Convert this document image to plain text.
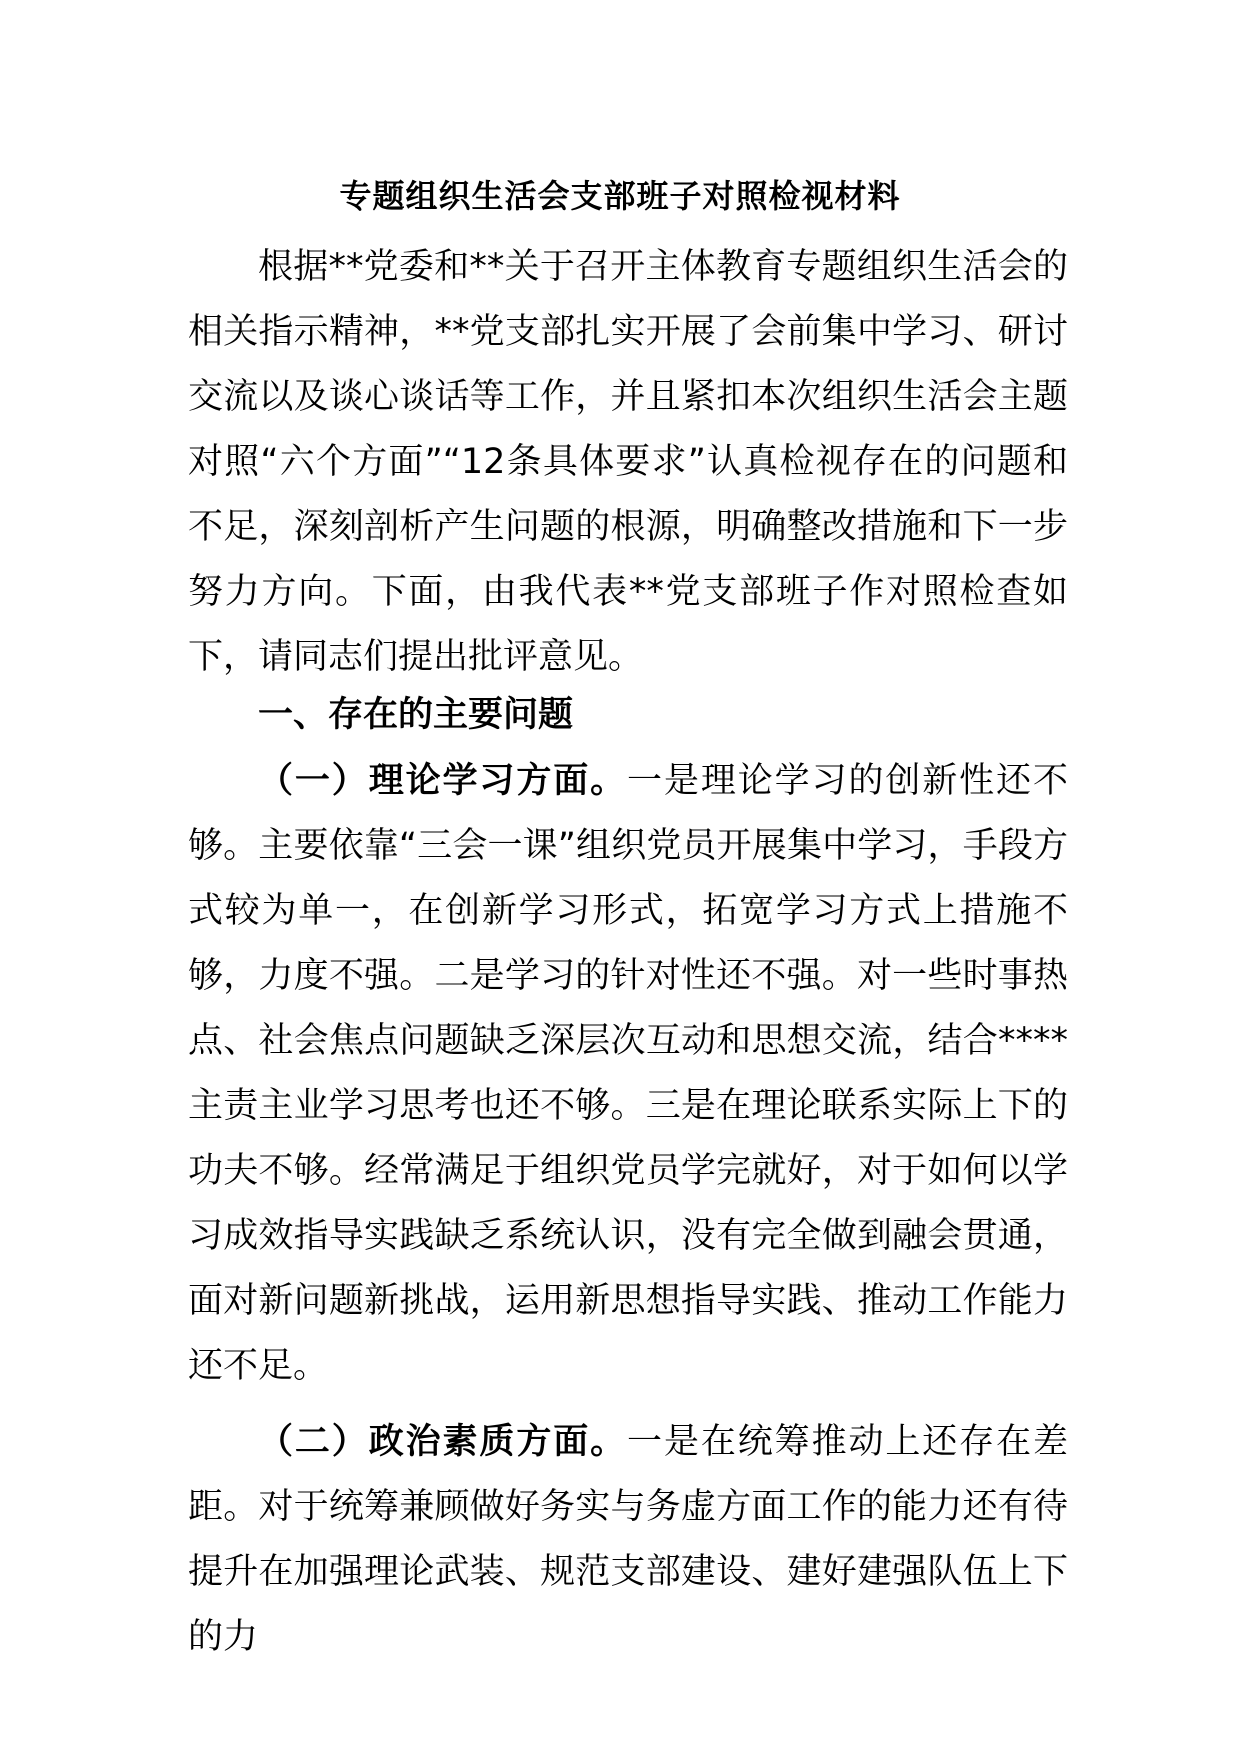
专题组织生活会支部班子对照检视材料

根据**党委和**关于召开主体教育专题组织生活会的相关指示精神，**党支部扎实开展了会前集中学习、研讨交流以及谈心谈话等工作，并且紧扣本次组织生活会主题对照“六个方面”“12条具体要求”认真检视存在的问题和不足，深刻剖析产生问题的根源，明确整改措施和下一步努力方向。下面，由我代表**党支部班子作对照检查如下，请同志们提出批评意见。

一、存在的主要问题

（一）理论学习方面。一是理论学习的创新性还不够。主要依靠“三会一课”组织党员开展集中学习，手段方式较为单一，在创新学习形式，拓宽学习方式上措施不够，力度不强。二是学习的针对性还不强。对一些时事热点、社会焦点问题缺乏深层次互动和思想交流，结合****主责主业学习思考也还不够。三是在理论联系实际上下的功夫不够。经常满足于组织党员学完就好，对于如何以学习成效指导实践缺乏系统认识，没有完全做到融会贯通，面对新问题新挑战，运用新思想指导实践、推动工作能力还不足。

（二）政治素质方面。一是在统筹推动上还存在差距。对于统筹兼顾做好务实与务虚方面工作的能力还有待提升在加强理论武装、规范支部建设、建好建强队伍上下的力
